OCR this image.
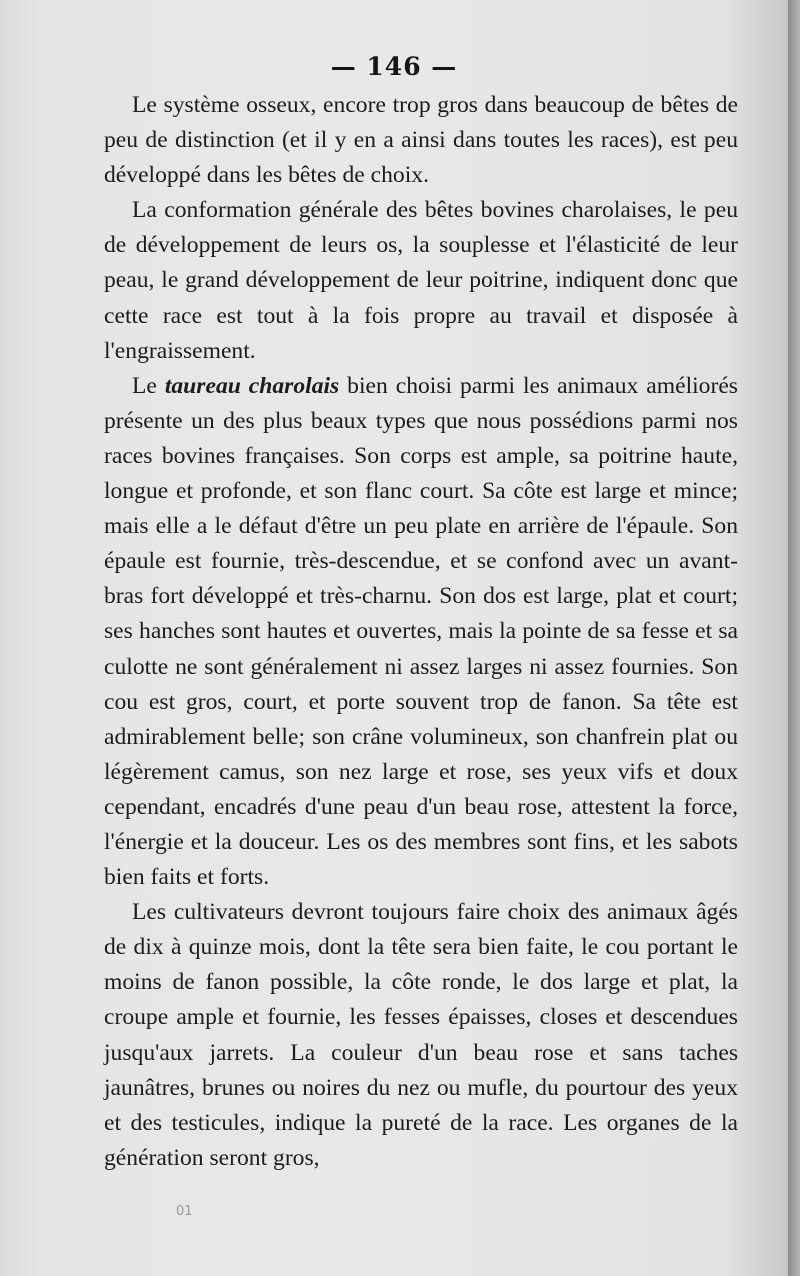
— 146 —

Le système osseux, encore trop gros dans beaucoup de bêtes de peu de distinction (et il y en a ainsi dans toutes les races), est peu développé dans les bêtes de choix.

La conformation générale des bêtes bovines charolaises, le peu de développement de leurs os, la souplesse et l'élasticité de leur peau, le grand développement de leur poitrine, indiquent donc que cette race est tout à la fois propre au travail et disposée à l'engraissement.

Le taureau charolais bien choisi parmi les animaux améliorés présente un des plus beaux types que nous possédions parmi nos races bovines françaises. Son corps est ample, sa poitrine haute, longue et profonde, et son flanc court. Sa côte est large et mince; mais elle a le défaut d'être un peu plate en arrière de l'épaule. Son épaule est fournie, très-descendue, et se confond avec un avant-bras fort développé et très-charnu. Son dos est large, plat et court; ses hanches sont hautes et ouvertes, mais la pointe de sa fesse et sa culotte ne sont généralement ni assez larges ni assez fournies. Son cou est gros, court, et porte souvent trop de fanon. Sa tête est admirablement belle; son crâne volumineux, son chanfrein plat ou légèrement camus, son nez large et rose, ses yeux vifs et doux cependant, encadrés d'une peau d'un beau rose, attestent la force, l'énergie et la douceur. Les os des membres sont fins, et les sabots bien faits et forts.

Les cultivateurs devront toujours faire choix des animaux âgés de dix à quinze mois, dont la tête sera bien faite, le cou portant le moins de fanon possible, la côte ronde, le dos large et plat, la croupe ample et fournie, les fesses épaisses, closes et descendues jusqu'aux jarrets. La couleur d'un beau rose et sans taches jaunâtres, brunes ou noires du nez ou mufle, du pourtour des yeux et des testicules, indique la pureté de la race. Les organes de la génération seront gros,

01
